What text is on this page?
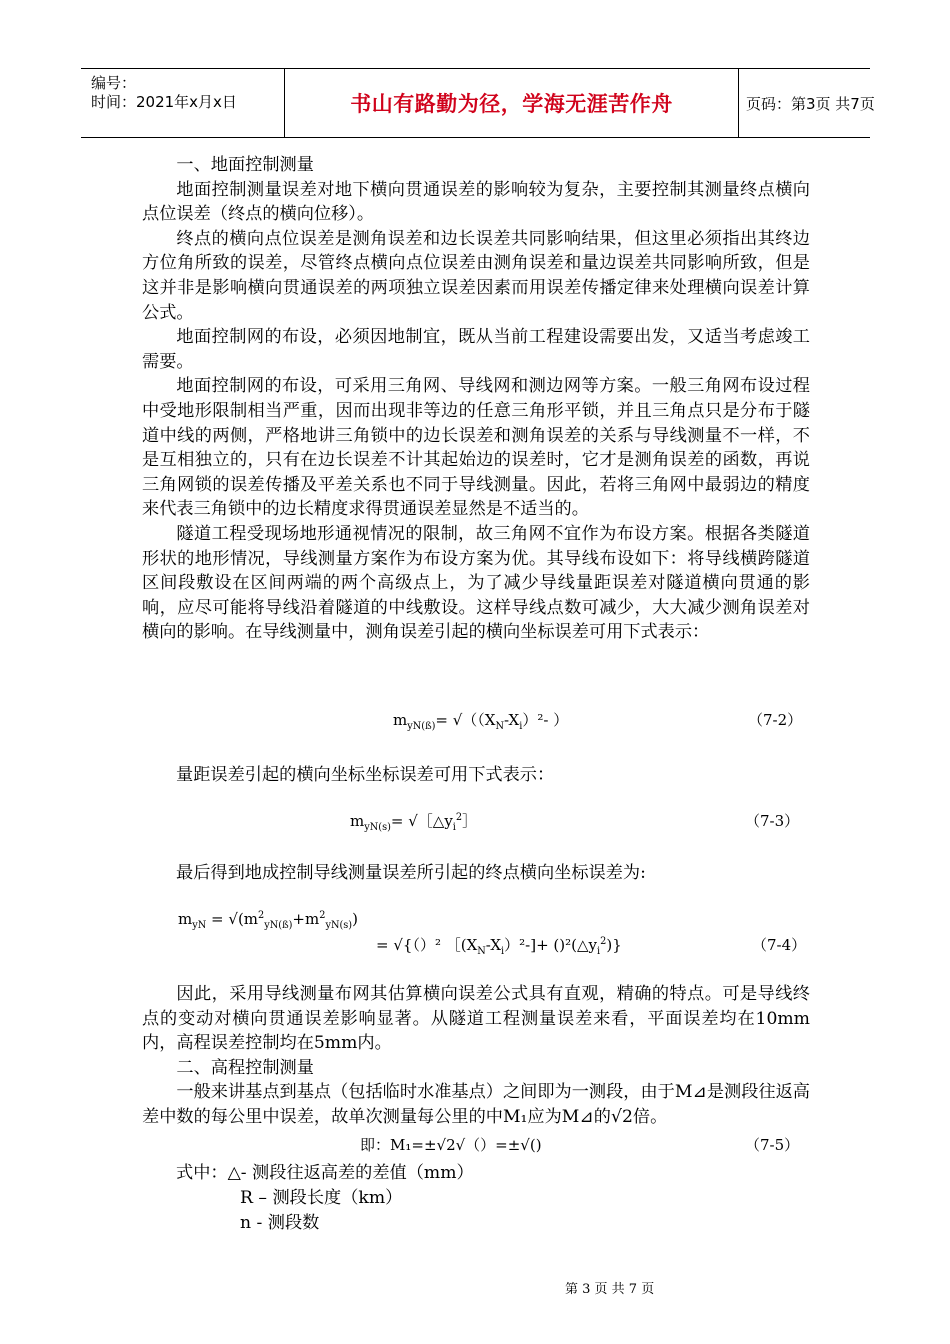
编号：
时间：2021年x月x日	书山有路勤为径，学海无涯苦作舟	页码：第3页 共7页

一、地面控制测量

地面控制测量误差对地下横向贯通误差的影响较为复杂，主要控制其测量终点横向点位误差（终点的横向位移）。

终点的横向点位误差是测角误差和边长误差共同影响结果，但这里必须指出其终边方位角所致的误差，尽管终点横向点位误差由测角误差和量边误差共同影响所致，但是这并非是影响横向贯通误差的两项独立误差因素而用误差传播定律来处理横向误差计算公式。

地面控制网的布设，必须因地制宜，既从当前工程建设需要出发，又适当考虑竣工需要。

地面控制网的布设，可采用三角网、导线网和测边网等方案。一般三角网布设过程中受地形限制相当严重，因而出现非等边的任意三角形平锁，并且三角点只是分布于隧道中线的两侧，严格地讲三角锁中的边长误差和测角误差的关系与导线测量不一样，不是互相独立的，只有在边长误差不计其起始边的误差时，它才是测角误差的函数，再说三角网锁的误差传播及平差关系也不同于导线测量。因此，若将三角网中最弱边的精度来代表三角锁中的边长精度求得贯通误差显然是不适当的。

隧道工程受现场地形通视情况的限制，故三角网不宜作为布设方案。根据各类隧道形状的地形情况，导线测量方案作为布设方案为优。其导线布设如下：将导线横跨隧道区间段敷设在区间两端的两个高级点上，为了减少导线量距误差对隧道横向贯通的影响，应尽可能将导线沿着隧道的中线敷设。这样导线点数可减少，大大减少测角误差对横向的影响。在导线测量中，测角误差引起的横向坐标误差可用下式表示：

$m_{yN(ß)}= √((X_N-X_i)^2-$ ）	（7-2）
量距误差引起的横向坐标坐标误差可用下式表示：
$m_{yN(s)}=$ $√[\triangle y_i^2]$	（7-3）
最后得到地成控制导线测量误差所引起的终点横向坐标误差为:
$m_{yN} = √(m^2_{yN(ß)}+m^2_{yN(s)})$
= √{（）² $[(X_N-X_i)^2-]+$ $()^2(\triangle y_i^2)$}	（7-4）

因此，采用导线测量布网其估算横向误差公式具有直观，精确的特点。可是导线终点的变动对横向贯通误差影响显著。从隧道工程测量误差来看，平面误差均在10mm内，高程误差控制均在5mm内。

二、高程控制测量

一般来讲基点到基点（包括临时水准基点）之间即为一测段，由于M⊿是测段往返高差中数的每公里中误差，故单次测量每公里的中M₁应为M⊿的√2倍。

即：M₁=±√2√（）=±√()	（7-5）
式中：△- 测段往返高差的差值（mm）
R – 测段长度（km）
n - 测段数
第 3 页 共 7 页
